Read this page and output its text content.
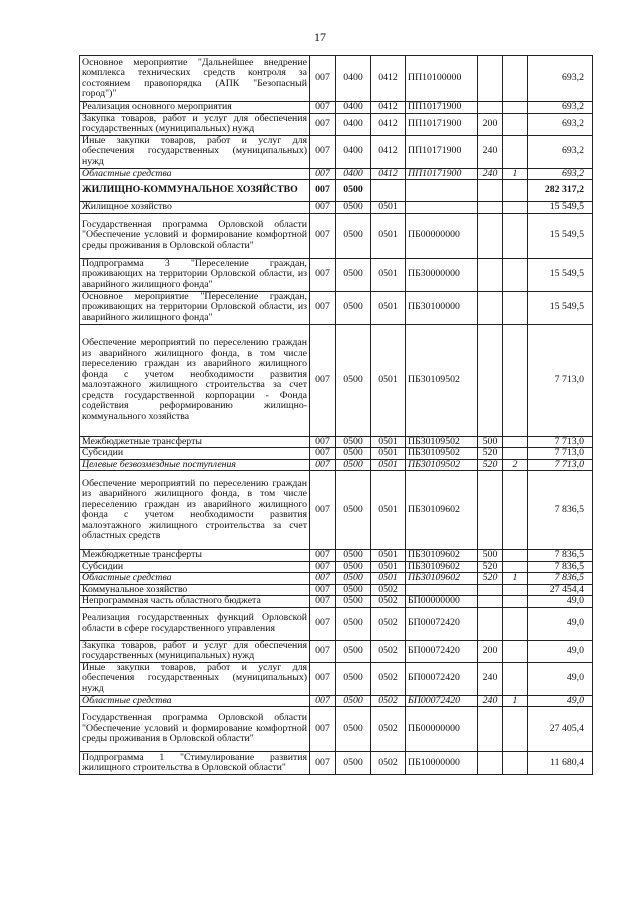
17
Основное мероприятие "Дальнейшее внедрение комплекса технических средств контроля за состоянием правопорядка (АПК "Безопасный город")"	007	0400	0412	ПП10100000			693,2
Реализация основного мероприятия	007	0400	0412	ПП10171900			693,2
Закупка товаров, работ и услуг для обеспечения государственных (муниципальных) нужд	007	0400	0412	ПП10171900	200		693,2
Иные закупки товаров, работ и услуг для обеспечения государственных (муниципальных) нужд	007	0400	0412	ПП10171900	240		693,2
Областные средства	007	0400	0412	ПП10171900	240	1	693,2
ЖИЛИЩНО-КОММУНАЛЬНОЕ ХОЗЯЙСТВО	007	0500					282 317,2
Жилищное хозяйство	007	0500	0501				15 549,5
Государственная программа Орловской области "Обеспечение условий и формирование комфортной среды проживания в Орловской области"	007	0500	0501	ПБ00000000			15 549,5
Подпрограмма 3 "Переселение граждан, проживающих на территории Орловской области, из аварийного жилищного фонда"	007	0500	0501	ПБ30000000			15 549,5
Основное мероприятие "Переселение граждан, проживающих на территории Орловской области, из аварийного жилищного фонда"	007	0500	0501	ПБ30100000			15 549,5
Обеспечение мероприятий по переселению граждан из аварийного жилищного фонда, в том числе переселению граждан из аварийного жилищного фонда с учетом необходимости развития малоэтажного жилищного строительства за счет средств государственной корпорации - Фонда содействия реформированию жилищно-коммунального хозяйства	007	0500	0501	ПБ30109502			7 713,0
Межбюджетные трансферты	007	0500	0501	ПБ30109502	500		7 713,0
Субсидии	007	0500	0501	ПБ30109502	520		7 713,0
Целевые безвозмездные поступления	007	0500	0501	ПБ30109502	520	2	7 713,0
Обеспечение мероприятий по переселению граждан из аварийного жилищного фонда, в том числе переселению граждан из аварийного жилищного фонда с учетом необходимости развития малоэтажного жилищного строительства за счет областных средств	007	0500	0501	ПБ30109602			7 836,5
Межбюджетные трансферты	007	0500	0501	ПБ30109602	500		7 836,5
Субсидии	007	0500	0501	ПБ30109602	520		7 836,5
Областные средства	007	0500	0501	ПБ30109602	520	1	7 836,5
Коммунальное хозяйство	007	0500	0502				27 454,4
Непрограммная часть областного бюджета	007	0500	0502	БП00000000			49,0
Реализация государственных функций Орловской области в сфере государственного управления	007	0500	0502	БП00072420			49,0
Закупка товаров, работ и услуг для обеспечения государственных (муниципальных) нужд	007	0500	0502	БП00072420	200		49,0
Иные закупки товаров, работ и услуг для обеспечения государственных (муниципальных) нужд	007	0500	0502	БП00072420	240		49,0
Областные средства	007	0500	0502	БП00072420	240	1	49,0
Государственная программа Орловской области "Обеспечение условий и формирование комфортной среды проживания в Орловской области"	007	0500	0502	ПБ00000000			27 405,4
Подпрограмма 1 "Стимулирование развития жилищного строительства в Орловской области"	007	0500	0502	ПБ10000000			11 680,4
